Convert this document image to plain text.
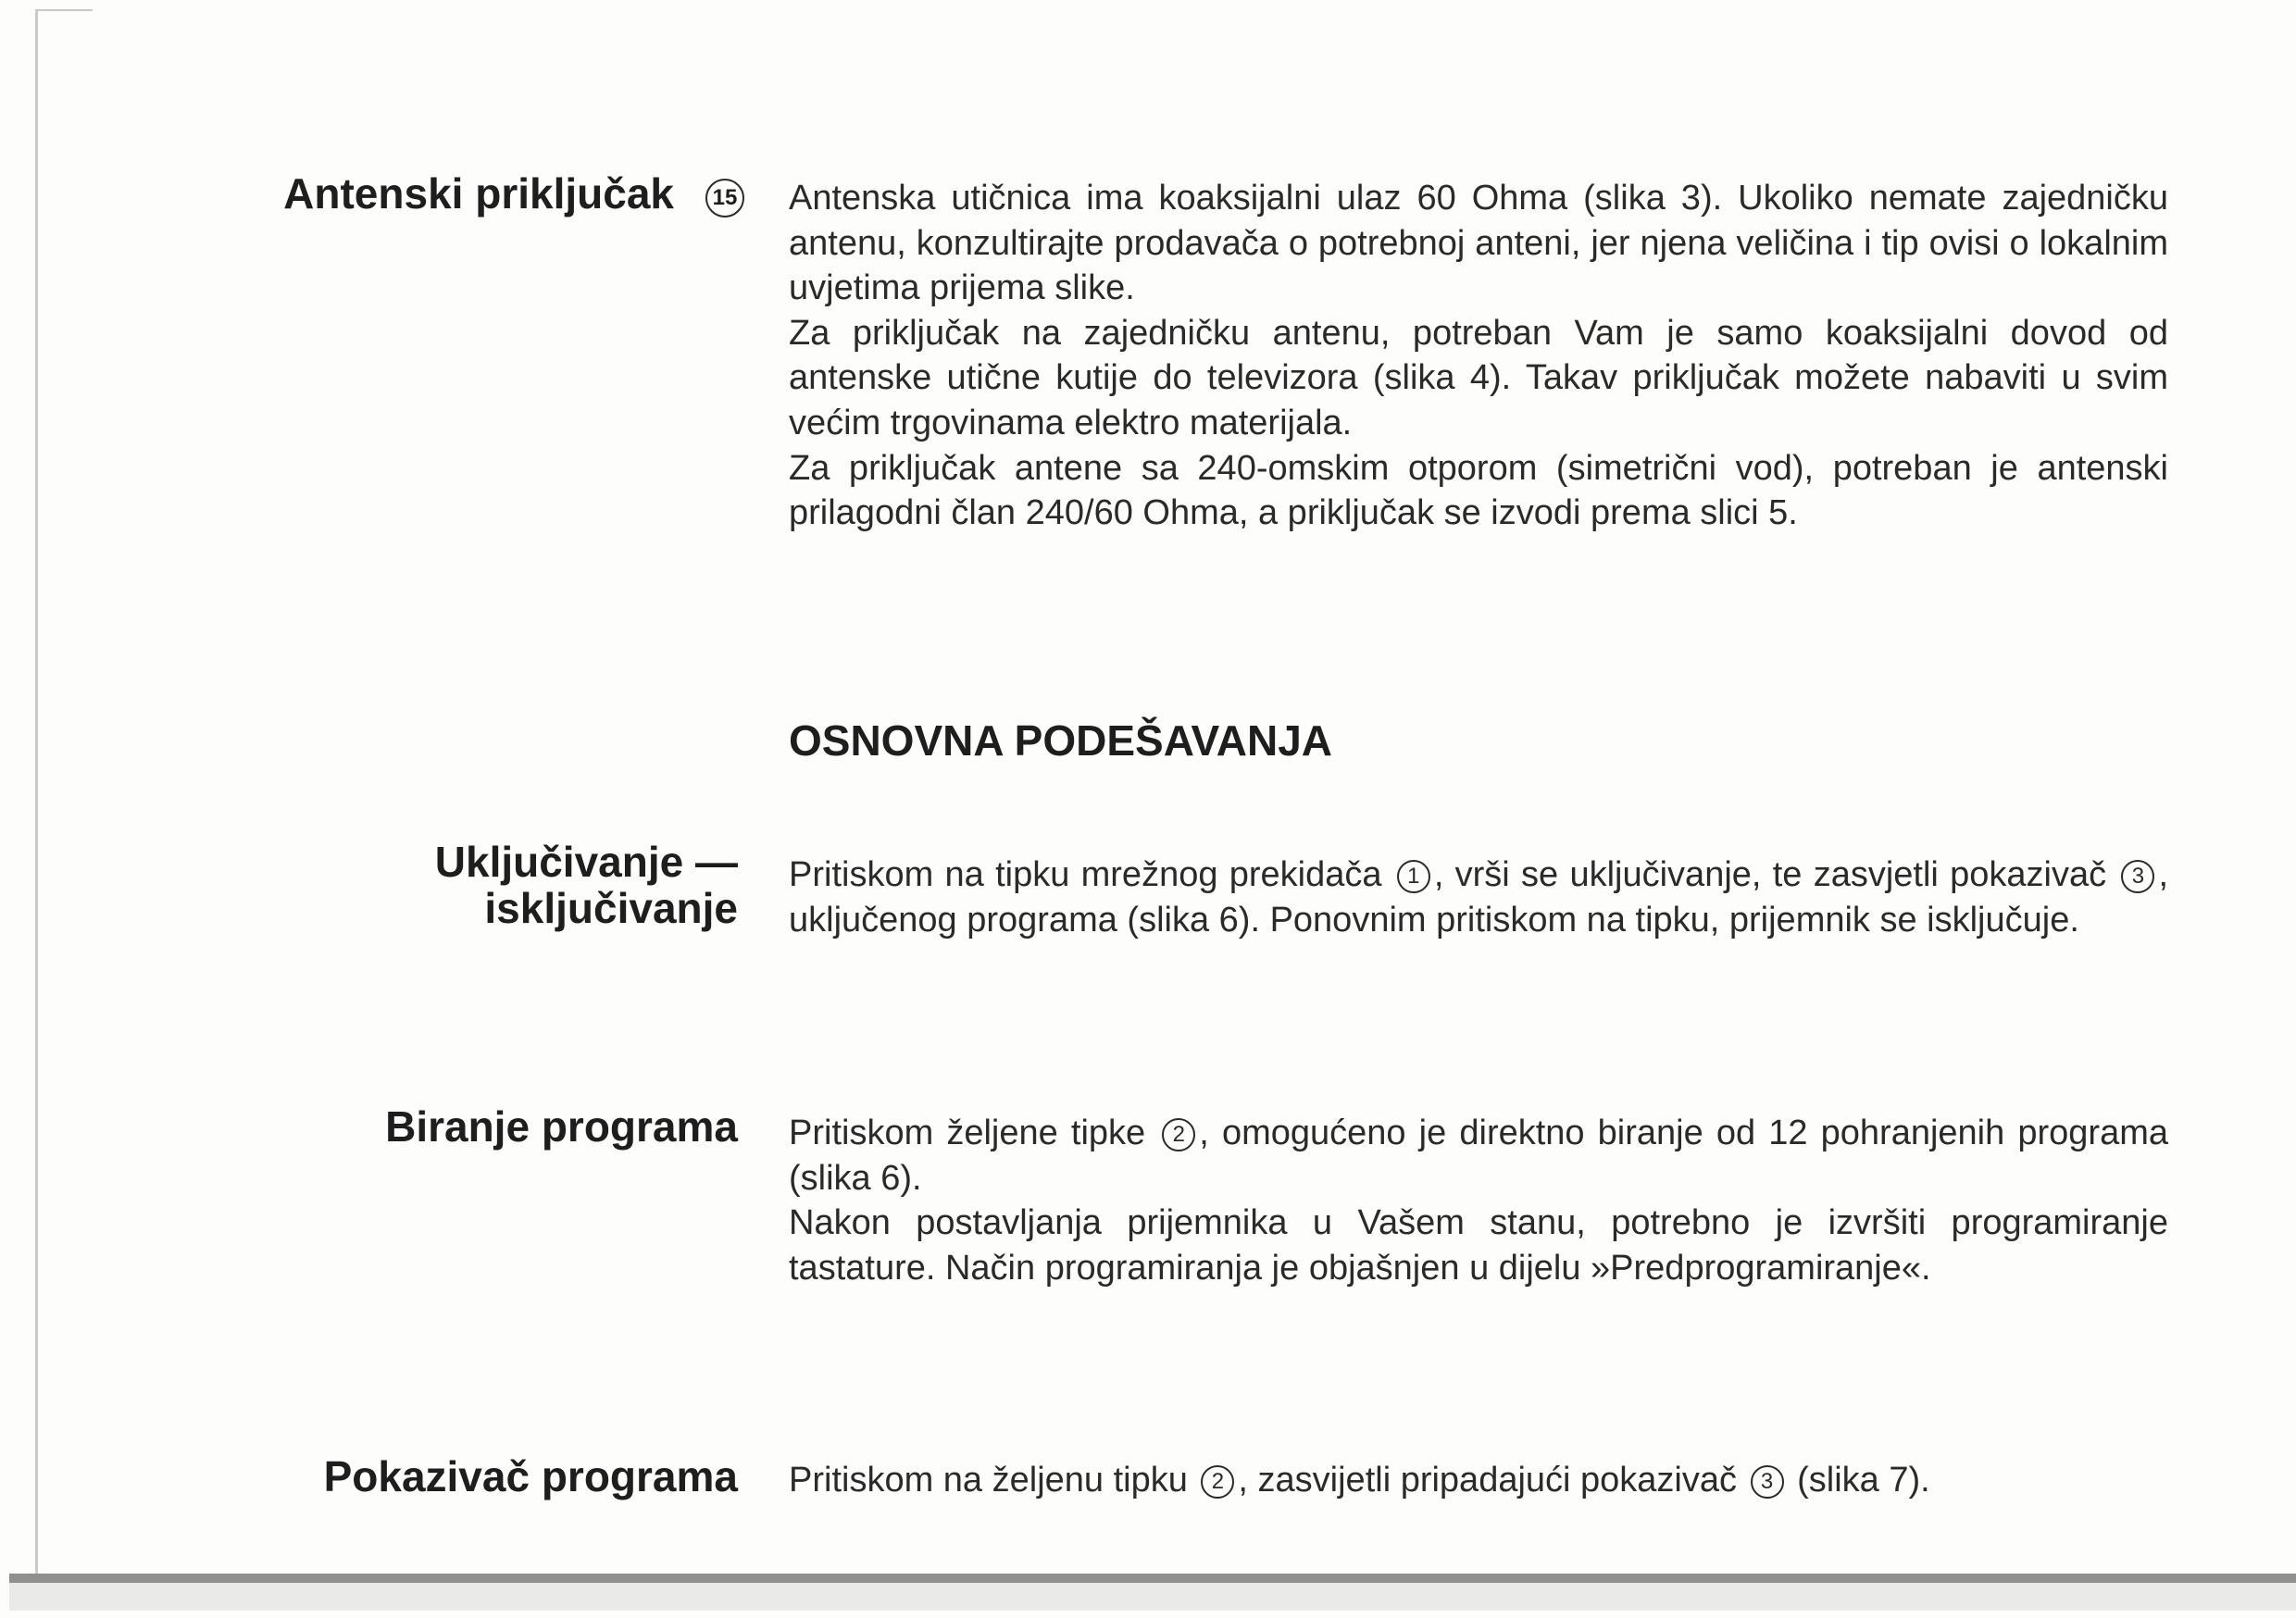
Antenski priključak 15	Antenska utičnica ima koaksijalni ulaz 60 Ohma (slika 3). Ukoliko nemate zajedničku antenu, konzultirajte prodavača o potrebnoj anteni, jer njena veličina i tip ovisi o lokalnim uvjetima prijema slike.

Za priključak na zajedničku antenu, potreban Vam je samo koaksijalni dovod od antenske utične kutije do televizora (slika 4). Takav priključak možete nabaviti u svim većim trgovinama elektro materijala.

Za priključak antene sa 240-omskim otporom (simetrični vod), potreban je antenski prilagodni član 240/60 Ohma, a priključak se izvodi prema slici 5.

OSNOVNA PODEŠAVANJA
Uključivanje —
isključivanje

Pritiskom na tipku mrežnog prekidača 1 , vrši se uključivanje, te zasvjetli pokazivač 3 , uključenog programa (slika 6). Ponovnim pritiskom na tipku, prijemnik se isključuje.

Biranje programa Pritiskom željene tipke 2 , omogućeno je direktno biranje od 12 pohranjenih programa (slika 6).

Nakon postavljanja prijemnika u Vašem stanu, potrebno je izvršiti programiranje tastature. Način programiranja je objašnjen u dijelu »Predprogramiranje«.

Pokazivač programa Pritiskom na željenu tipku 2 , zasvijetli pripadajući pokazivač 3 (slika 7).
